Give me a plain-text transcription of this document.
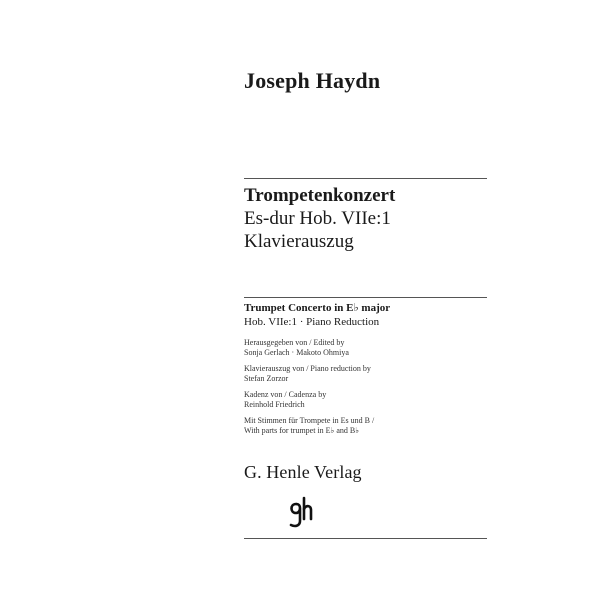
Joseph Haydn
Trompetenkonzert
Es-dur Hob. VIIe:1
Klavierauszug
Trumpet Concerto in E♭ major
Hob. VIIe:1 · Piano Reduction
Herausgegeben von / Edited by
Sonja Gerlach · Makoto Ohmiya
Klavierauszug von / Piano reduction by
Stefan Zorzor
Kadenz von / Cadenza by
Reinhold Friedrich
Mit Stimmen für Trompete in Es und B /
With parts for trumpet in E♭ and B♭
G. Henle Verlag
